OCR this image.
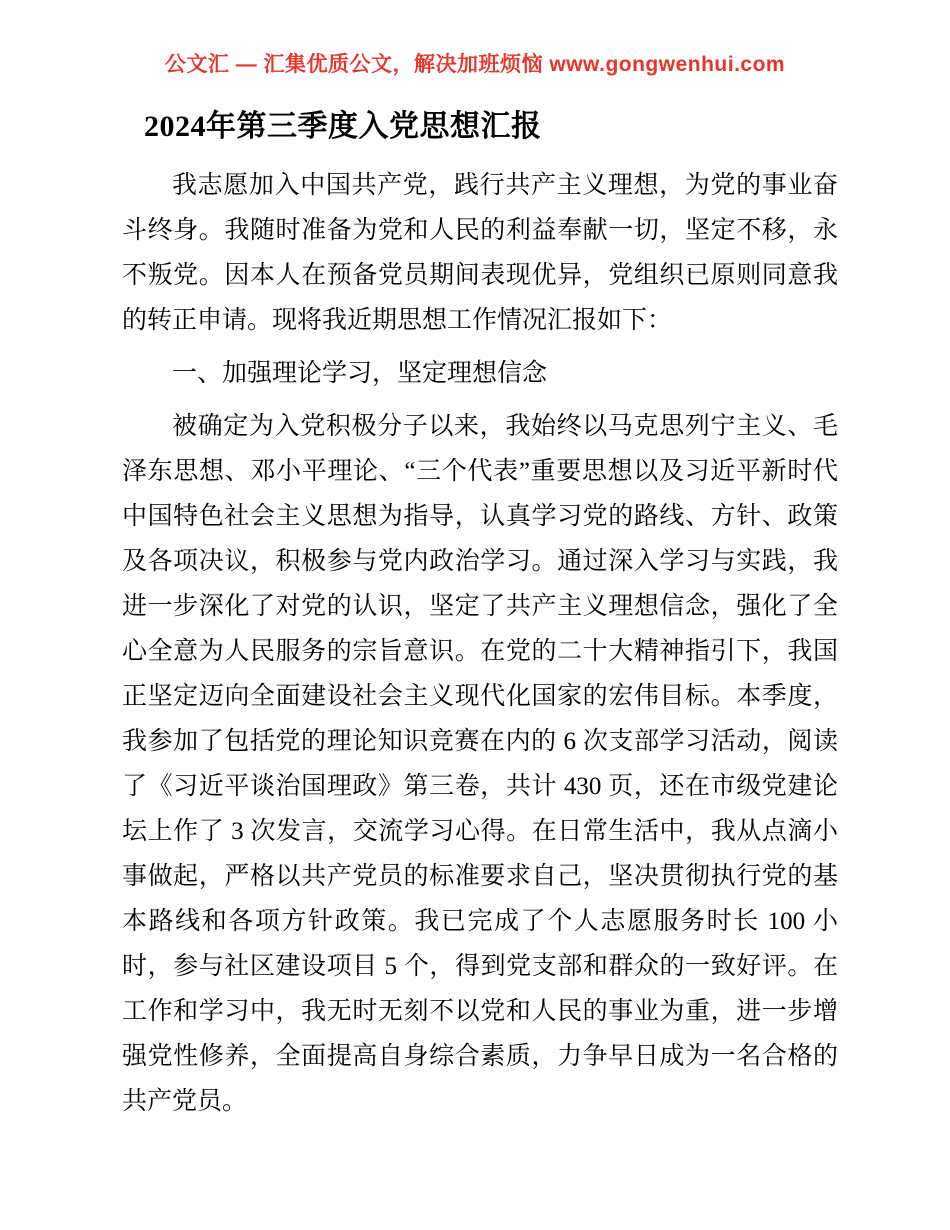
公文汇 — 汇集优质公文，解决加班烦恼 www.gongwenhui.com
2024年第三季度入党思想汇报

我志愿加入中国共产党，践行共产主义理想，为党的事业奋斗终身。我随时准备为党和人民的利益奉献一切，坚定不移，永不叛党。因本人在预备党员期间表现优异，党组织已原则同意我的转正申请。现将我近期思想工作情况汇报如下：

一、加强理论学习，坚定理想信念

被确定为入党积极分子以来，我始终以马克思列宁主义、毛泽东思想、邓小平理论、“三个代表”重要思想以及习近平新时代中国特色社会主义思想为指导，认真学习党的路线、方针、政策及各项决议，积极参与党内政治学习。通过深入学习与实践，我进一步深化了对党的认识，坚定了共产主义理想信念，强化了全心全意为人民服务的宗旨意识。在党的二十大精神指引下，我国正坚定迈向全面建设社会主义现代化国家的宏伟目标。本季度，我参加了包括党的理论知识竞赛在内的 6 次支部学习活动，阅读了《习近平谈治国理政》第三卷，共计 430 页，还在市级党建论坛上作了 3 次发言，交流学习心得。在日常生活中，我从点滴小事做起，严格以共产党员的标准要求自己，坚决贯彻执行党的基本路线和各项方针政策。我已完成了个人志愿服务时长 100 小时，参与社区建设项目 5 个，得到党支部和群众的一致好评。在工作和学习中，我无时无刻不以党和人民的事业为重，进一步增强党性修养，全面提高自身综合素质，力争早日成为一名合格的共产党员。
